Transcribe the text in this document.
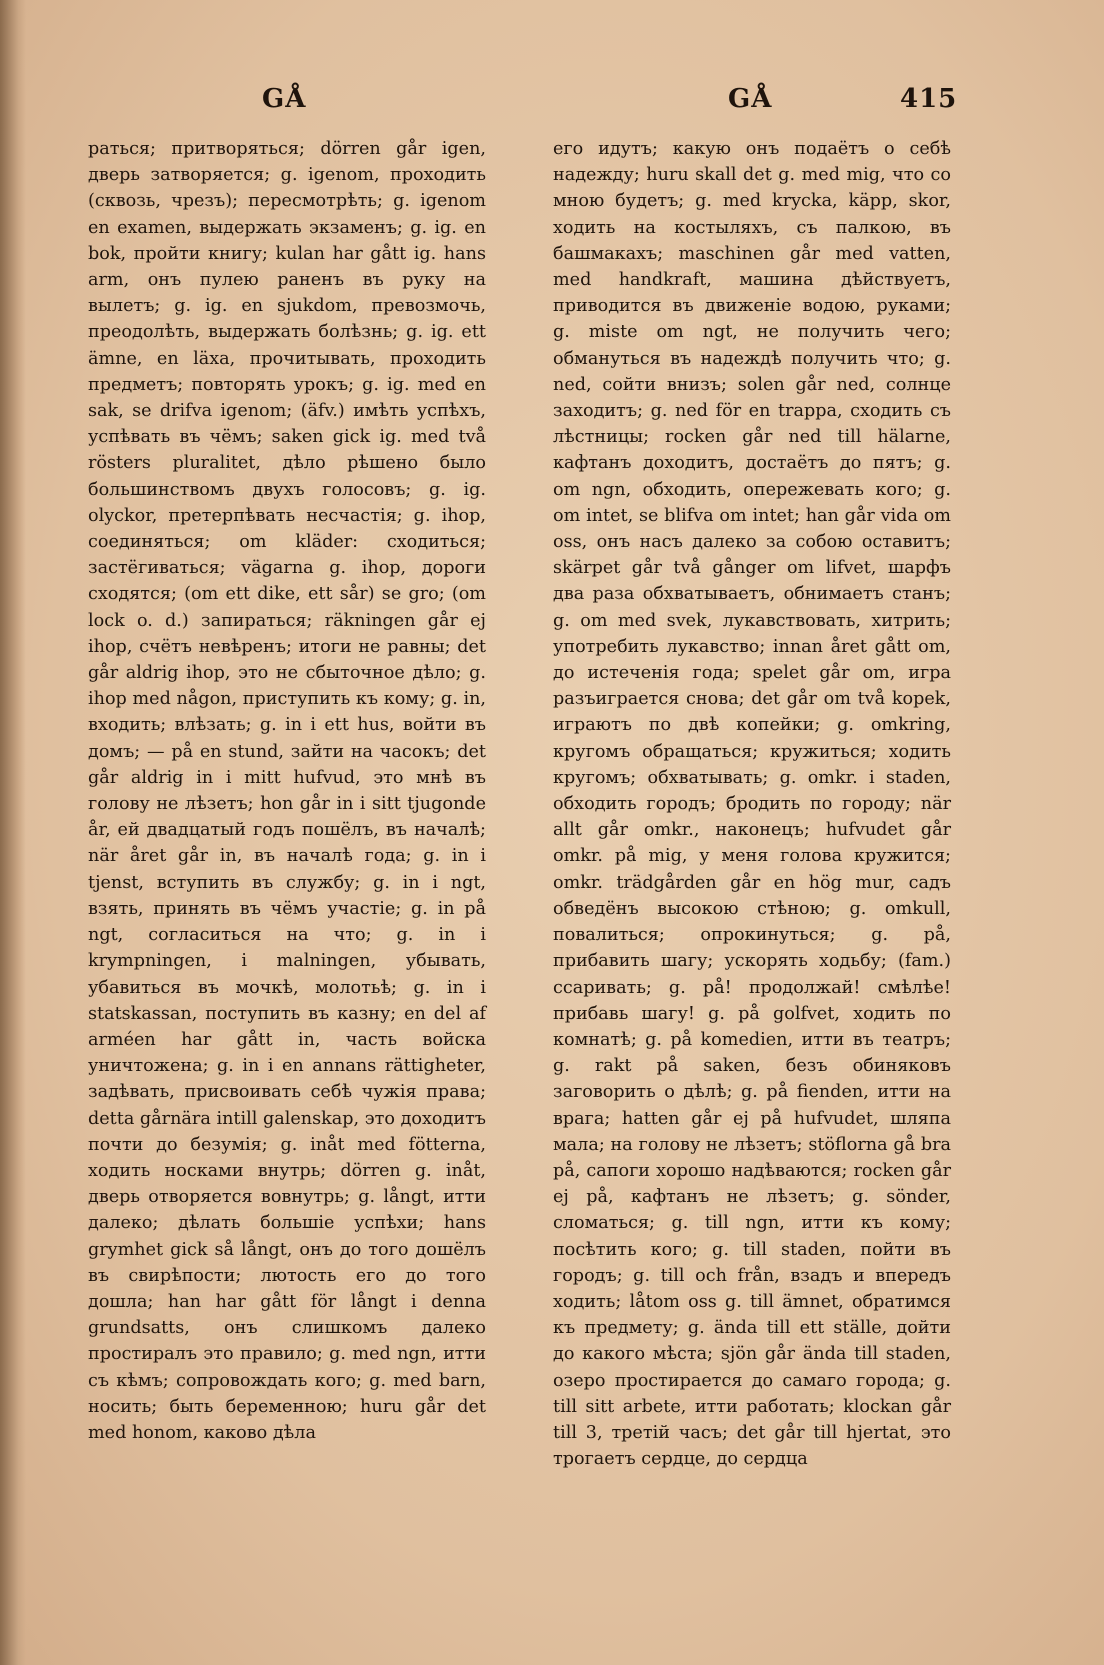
GÅ	GÅ	415

раться; притворяться; dörren går igen, дверь затворяется; g. igenom, проходить (сквозь, чрезъ); пересмотрѣть; g. igenom en examen, выдержать экзаменъ; g. ig. en bok, пройти книгу; kulan har gått ig. hans arm, онъ пулею раненъ въ руку на вылетъ; g. ig. en sjukdom, превозмочь, преодолѣть, выдержать болѣзнь; g. ig. ett ämne, en läxa, прочитывать, проходить предметъ; повторять урокъ; g. ig. med en sak, se drifva igenom; (äfv.) имѣть успѣхъ, успѣвать въ чёмъ; saken gick ig. med två rösters pluralitet, дѣло рѣшено было большинствомъ двухъ голосовъ; g. ig. olyckor, претерпѣвать несчастія; g. ihop, соединяться; om kläder: сходиться; застёгиваться; vägarna g. ihop, дороги сходятся; (om ett dike, ett sår) se gro; (om lock o. d.) запираться; räkningen går ej ihop, счётъ невѣренъ; итоги не равны; det går aldrig ihop, это не сбыточное дѣло; g. ihop med någon, приступить къ кому; g. in, входить; влѣзать; g. in i ett hus, войти въ домъ; — på en stund, зайти на часокъ; det går aldrig in i mitt hufvud, это мнѣ въ голову не лѣзетъ; hon går in i sitt tjugonde år, ей двадцатый годъ пошёлъ, въ началѣ; när året går in, въ началѣ года; g. in i tjenst, вступить въ службу; g. in i ngt, взять, принять въ чёмъ участіе; g. in på ngt, согласиться на что; g. in i krympningen, i malningen, убывать, убавиться въ мочкѣ, молотьѣ; g. in i statskassan, поступить въ казну; en del af arméen har gått in, часть войска уничтожена; g. in i en annans rättigheter, задѣвать, присвоивать себѣ чужія права; detta gårnära intill galenskap, это доходитъ почти до безумія; g. inåt med fötterna, ходить носками внутрь; dörren g. inåt, дверь отворяется вовнутрь; g. långt, итти далеко; дѣлать большіе успѣхи; hans grymhet gick så långt, онъ до того дошёлъ въ свирѣпости; лютость его до того дошла; han har gått för långt i denna grundsatts, онъ слишкомъ далеко простиралъ это правило; g. med ngn, итти съ кѣмъ; сопровождать кого; g. med barn, носить; быть беременною; huru går det med honom, каково дѣла

его идутъ; какую онъ подаётъ о себѣ надежду; huru skall det g. med mig, что со мною будетъ; g. med krycka, käpp, skor, ходить на костыляхъ, съ палкою, въ башмакахъ; maschinen går med vatten, med handkraft, машина дѣйствуетъ, приводится въ движеніе водою, руками; g. miste om ngt, не получить чего; обмануться въ надеждѣ получить что; g. ned, сойти внизъ; solen går ned, солнце заходитъ; g. ned för en trappa, сходить съ лѣстницы; rocken går ned till hälarne, кафтанъ доходитъ, достаётъ до пятъ; g. om ngn, обходить, опережевать кого; g. om intet, se blifva om intet; han går vida om oss, онъ насъ далеко за собою оставитъ; skärpet går två gånger om lifvet, шарфъ два раза обхватываетъ, обнимаетъ станъ; g. om med svek, лукавствовать, хитрить; употребить лукавство; innan året gått om, до истеченія года; spelet går om, игра разъиграется снова; det går om två kopek, играютъ по двѣ копейки; g. omkring, кругомъ обращаться; кружиться; ходить кругомъ; обхватывать; g. omkr. i staden, обходить городъ; бродить по городу; när allt går omkr., наконецъ; hufvudet går omkr. på mig, у меня голова кружится; omkr. trädgården går en hög mur, садъ обведёнъ высокою стѣною; g. omkull, повалиться; опрокинуться; g. på, прибавить шагу; ускорять ходьбу; (fam.) ссаривать; g. på! продолжай! смѣлѣе! прибавь шагу! g. på golfvet, ходить по комнатѣ; g. på komedien, итти въ театръ; g. rakt på saken, безъ обиняковъ заговорить о дѣлѣ; g. på fienden, итти на врага; hatten går ej på hufvudet, шляпа мала; на голову не лѣзетъ; stöflorna gå bra på, сапоги хорошо надѣваются; rocken går ej på, кафтанъ не лѣзетъ; g. sönder, сломаться; g. till ngn, итти къ кому; посѣтить кого; g. till staden, пойти въ городъ; g. till och från, взадъ и впередъ ходить; låtom oss g. till ämnet, обратимся къ предмету; g. ända till ett ställe, дойти до какого мѣста; sjön går ända till staden, озеро простирается до самаго города; g. till sitt arbete, итти работать; klockan går till 3, третій часъ; det går till hjertat, это трогаетъ сердце, до сердца
